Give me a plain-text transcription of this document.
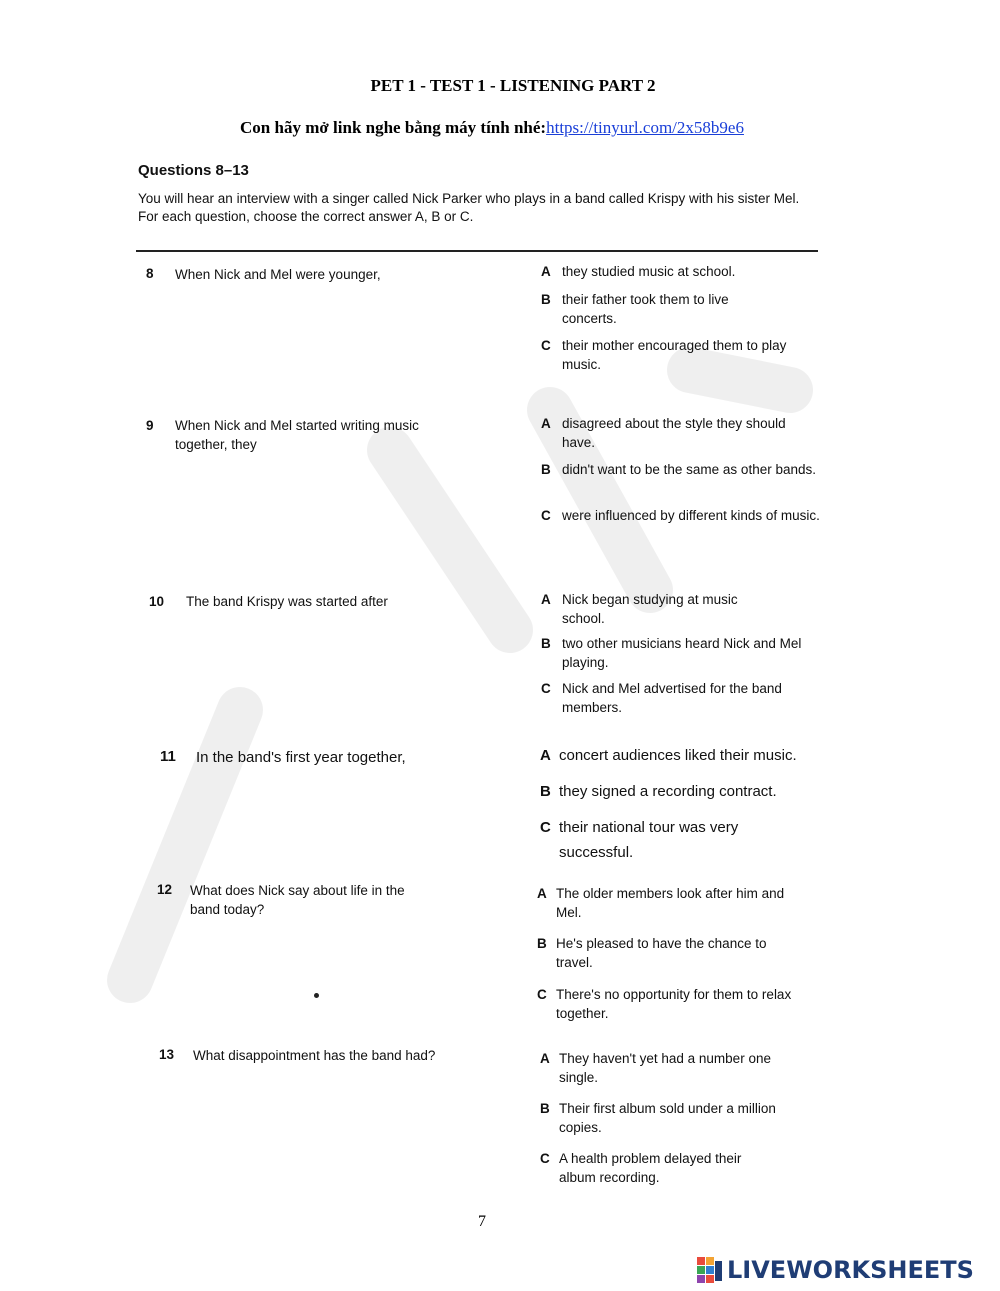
PET 1 - TEST 1 - LISTENING PART 2
Con hãy mở link nghe bằng máy tính nhé:https://tinyurl.com/2x58b9e6
Questions 8–13
You will hear an interview with a singer called Nick Parker who plays in a band called Krispy with his sister Mel.
For each question, choose the correct answer A, B or C.
8 When Nick and Mel were younger,	A they studied music at school.
B their father took them to live concerts.
C their mother encouraged them to play music.
9 When Nick and Mel started writing music together, they
A disagreed about the style they should have.
B didn't want to be the same as other bands.
C were influenced by different kinds of music.
10 The band Krispy was started after	A Nick began studying at music school.
B two other musicians heard Nick and Mel playing.
C Nick and Mel advertised for the band members.
11 In the band's first year together,	A concert audiences liked their music.
B they signed a recording contract.
C their national tour was very successful.
12 What does Nick say about life in the band today?
A The older members look after him and Mel.
B He's pleased to have the chance to travel.
C There's no opportunity for them to relax together.
13 What disappointment has the band had?	A They haven't yet had a number one single.
B Their first album sold under a million copies.
C A health problem delayed their album recording.
7
LIVEWORKSHEETS
